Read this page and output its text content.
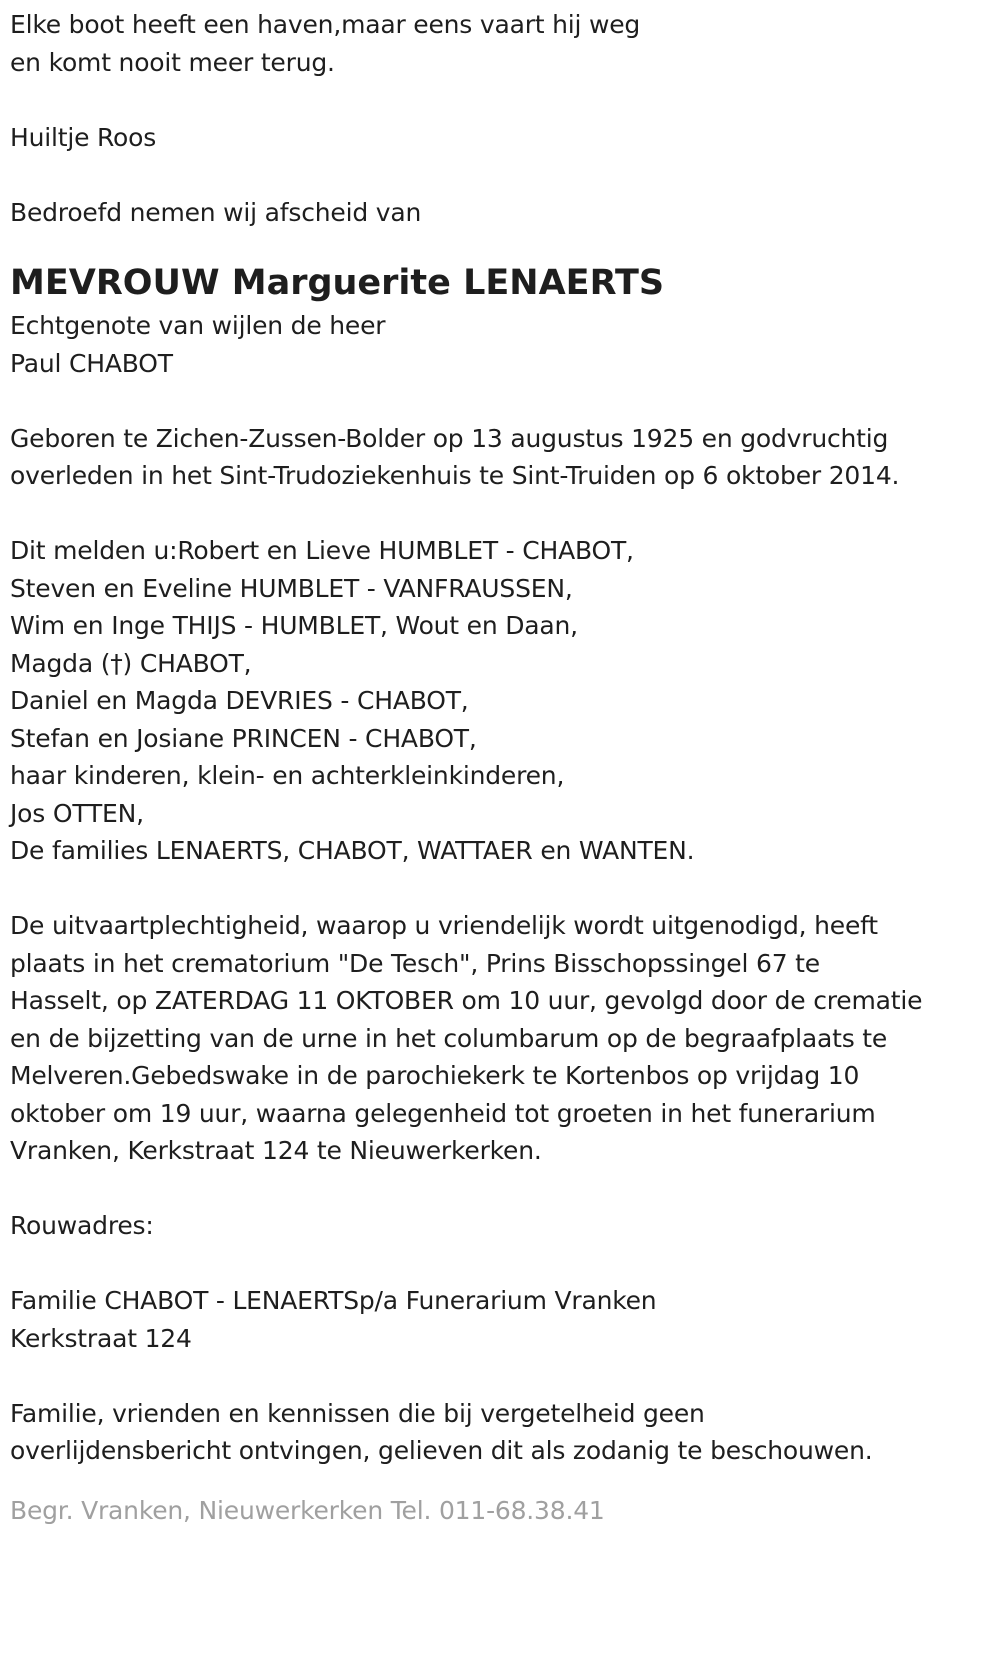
Elke boot heeft een haven,maar eens vaart hij weg
en komt nooit meer terug.
Huiltje Roos
Bedroefd nemen wij afscheid van
MEVROUW Marguerite LENAERTS
Echtgenote van wijlen de heer
Paul CHABOT
Geboren te Zichen-Zussen-Bolder op 13 augustus 1925 en godvruchtig
overleden in het Sint-Trudoziekenhuis te Sint-Truiden op 6 oktober 2014.
Dit melden u:Robert en Lieve HUMBLET - CHABOT,
Steven en Eveline HUMBLET - VANFRAUSSEN,
Wim en Inge THIJS - HUMBLET, Wout en Daan,
Magda (†) CHABOT,
Daniel en Magda DEVRIES - CHABOT,
Stefan en Josiane PRINCEN - CHABOT,
haar kinderen, klein- en achterkleinkinderen,
Jos OTTEN,
De families LENAERTS, CHABOT, WATTAER en WANTEN.
De uitvaartplechtigheid, waarop u vriendelijk wordt uitgenodigd, heeft
plaats in het crematorium "De Tesch", Prins Bisschopssingel 67 te
Hasselt, op ZATERDAG 11 OKTOBER om 10 uur, gevolgd door de crematie
en de bijzetting van de urne in het columbarum op de begraafplaats te
Melveren.Gebedswake in de parochiekerk te Kortenbos op vrijdag 10
oktober om 19 uur, waarna gelegenheid tot groeten in het funerarium
Vranken, Kerkstraat 124 te Nieuwerkerken.
Rouwadres:
Familie CHABOT - LENAERTSp/a Funerarium Vranken
Kerkstraat 124
Familie, vrienden en kennissen die bij vergetelheid geen
overlijdensbericht ontvingen, gelieven dit als zodanig te beschouwen.
Begr. Vranken, Nieuwerkerken Tel. 011-68.38.41
